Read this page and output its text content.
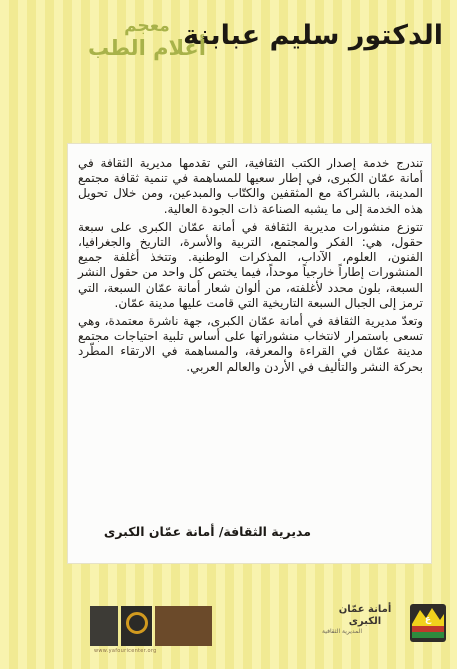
الدكتور سليم عبابنة
معجم
أعلام الطب

تندرج خدمة إصدار الكتب الثقافية، التي تقدمها مديرية الثقافة في أمانة عمّان الكبرى، في إطار سعيها للمساهمة في تنمية ثقافة مجتمع المدينة، بالشراكة مع المثقفين والكتّاب والمبدعين، ومن خلال تحويل هذه الخدمة إلى ما يشبه الصناعة ذات الجودة العالية.

تتوزع منشورات مديرية الثقافة في أمانة عمّان الكبرى على سبعة حقول، هي: الفكر والمجتمع، التربية والأسرة، التاريخ والجغرافيا، الفنون، العلوم، الآداب، المذكرات الوطنية. وتتخذ أغلفة جميع المنشورات إطاراً خارجياً موحداً، فيما يختص كل واحد من حقول النشر السبعة، بلون محدد لأغلفته، من ألوان شعار أمانة عمّان السبعة، التي ترمز إلى الجبال السبعة التاريخية التي قامت عليها مدينة عمّان.

وتعدّ مديرية الثقافة في أمانة عمّان الكبرى، جهة ناشرة معتمدة، وهي تسعى باستمرار لانتخاب منشوراتها على أساس تلبية احتياجات مجتمع مدينة عمّان في القراءة والمعرفة، والمساهمة في الارتقاء المطّرد بحركة النشر والتأليف في الأردن والعالم العربي.

مديرية الثقافة/ أمانة عمّان الكبرى
www.yafouricenter.org
ع
أمانة عمّان الكبرى
المديرية الثقافية
